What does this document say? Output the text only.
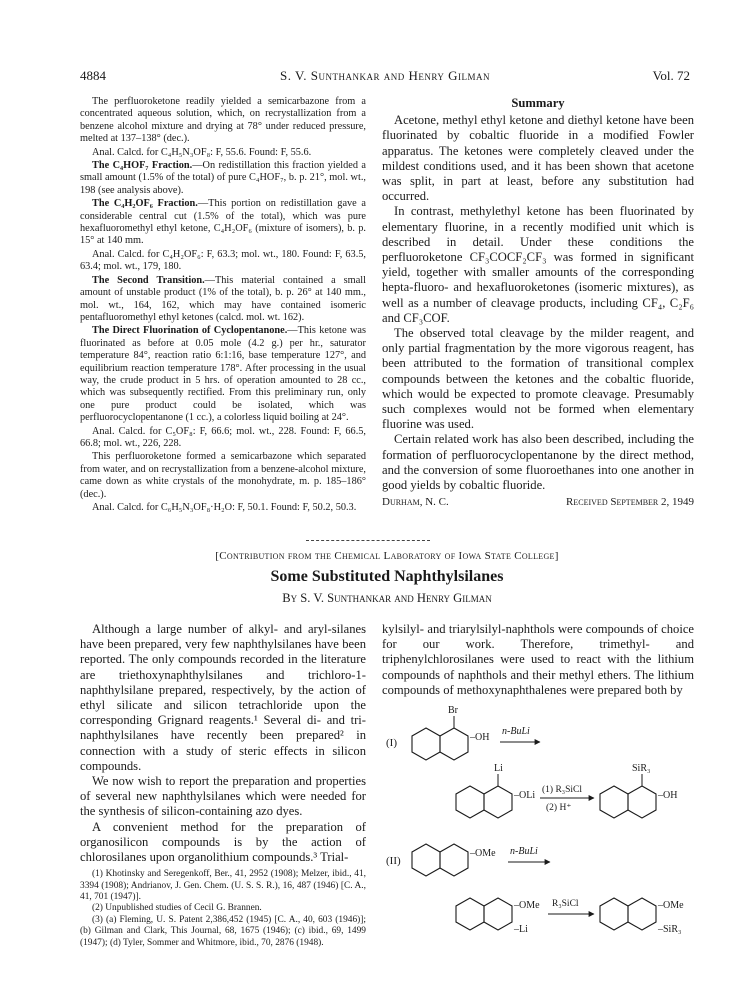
4884	S. V. Sunthankar and Henry Gilman	Vol. 72

The perfluoroketone readily yielded a semicarbazone from a concentrated aqueous solution, which, on recrystallization from a benzene alcohol mixture and drying at 78° under reduced pressure, melted at 137–138° (dec.).

Anal. Calcd. for C₄H₅N₃OF₈: F, 55.6. Found: F, 55.6.

The C₄HOF₇ Fraction.—On redistillation this fraction yielded a small amount (1.5% of the total) of pure C₄HOF₇, b. p. 21°, mol. wt., 198 (see analysis above).

The C₄H₂OF₆ Fraction.—This portion on redistillation gave a considerable central cut (1.5% of the total), which was pure hexafluoromethyl ethyl ketone, C₄H₂OF₆ (mixture of isomers), b. p. 15° at 140 mm.

Anal. Calcd. for C₄H₂OF₆: F, 63.3; mol. wt., 180. Found: F, 63.5, 63.4; mol. wt., 179, 180.

The Second Transition.—This material contained a small amount of unstable product (1% of the total), b. p. 26° at 140 mm., mol. wt., 164, 162, which may have contained isomeric pentafluoromethyl ethyl ketones (calcd. mol. wt. 162).

The Direct Fluorination of Cyclopentanone.—This ketone was fluorinated as before at 0.05 mole (4.2 g.) per hr., saturator temperature 84°, reaction ratio 6:1:16, base temperature 127°, and equilibrium reaction temperature 178°. After processing in the usual way, the crude product in 5 hrs. of operation amounted to 28 cc., which was subsequently rectified. From this preliminary run, only one pure product could be isolated, which was perfluorocyclopentanone (1 cc.), a colorless liquid boiling at 24°.

Anal. Calcd. for C₅OF₈: F, 66.6; mol. wt., 228. Found: F, 66.5, 66.8; mol. wt., 226, 228.

This perfluoroketone formed a semicarbazone which separated from water, and on recrystallization from a benzene-alcohol mixture, came down as white crystals of the monohydrate, m. p. 185–186° (dec.).

Anal. Calcd. for C₆H₅N₃OF₈·H₂O: F, 50.1. Found: F, 50.2, 50.3.

Summary

Acetone, methyl ethyl ketone and diethyl ketone have been fluorinated by cobaltic fluoride in a modified Fowler apparatus. The ketones were completely cleaved under the mildest conditions used, and it has been shown that acetone was split, in part at least, before any substitution had occurred.

In contrast, methylethyl ketone has been fluorinated by elementary fluorine, in a recently modified unit which is described in detail. Under these conditions the perfluoroketone CF₃COCF₂CF₃ was formed in significant yield, together with smaller amounts of the corresponding hepta-fluoro- and hexafluoroketones (isomeric mixtures), as well as a number of cleavage products, including CF₄, C₂F₆ and CF₃COF.

The observed total cleavage by the milder reagent, and only partial fragmentation by the more vigorous reagent, has been attributed to the formation of transitional complex compounds between the ketones and the cobaltic fluoride, which would be expected to promote cleavage. Presumably such complexes would not be formed when elementary fluorine was used.

Certain related work has also been described, including the formation of perfluorocyclopentanone by the direct method, and the conversion of some fluoroethanes into one another in good yields by cobaltic fluoride.

Durham, N. C.	Received September 2, 1949
[Contribution from the Chemical Laboratory of Iowa State College]
Some Substituted Naphthylsilanes
By S. V. Sunthankar and Henry Gilman

Although a large number of alkyl- and aryl-silanes have been prepared, very few naphthylsilanes have been reported. The only compounds recorded in the literature are triethoxynaphthylsilanes and trichloro-1-naphthylsilane prepared, respectively, by the action of ethyl silicate and silicon tetrachloride upon the corresponding Grignard reagents.¹ Several di- and tri-naphthylsilanes have recently been prepared² in connection with a study of steric effects in silicon compounds.

We now wish to report the preparation and properties of several new naphthylsilanes which were needed for the synthesis of silicon-containing azo dyes.

A convenient method for the preparation of organosilicon compounds is by the action of chlorosilanes upon organolithium compounds.³ Trial-

(1) Khotinsky and Seregenkoff, Ber., 41, 2952 (1908); Melzer, ibid., 41, 3394 (1908); Andrianov, J. Gen. Chem. (U. S. S. R.), 16, 487 (1946) [C. A., 41, 701 (1947)].

(2) Unpublished studies of Cecil G. Brannen.

(3) (a) Fleming, U. S. Patent 2,386,452 (1945) [C. A., 40, 603 (1946)]; (b) Gilman and Clark, This Journal, 68, 1675 (1946); (c) ibid., 69, 1499 (1947); (d) Tyler, Sommer and Whitmore, ibid., 70, 2876 (1948).

kylsilyl- and triarylsilyl-naphthols were compounds of choice for our work. Therefore, trimethyl- and triphenylchlorosilanes were used to react with the lithium compounds of naphthols and their methyl ethers. The lithium compounds of methoxynaphthalenes were prepared both by

(I)
Br
–OH
n-BuLi
Li
–OLi (1) R₃SiCl
(2) H⁺
SiR₃
–OH
(II)
–OMe n-BuLi
–OMe
–Li
R₃SiCl	–OMe
–SiR₃
